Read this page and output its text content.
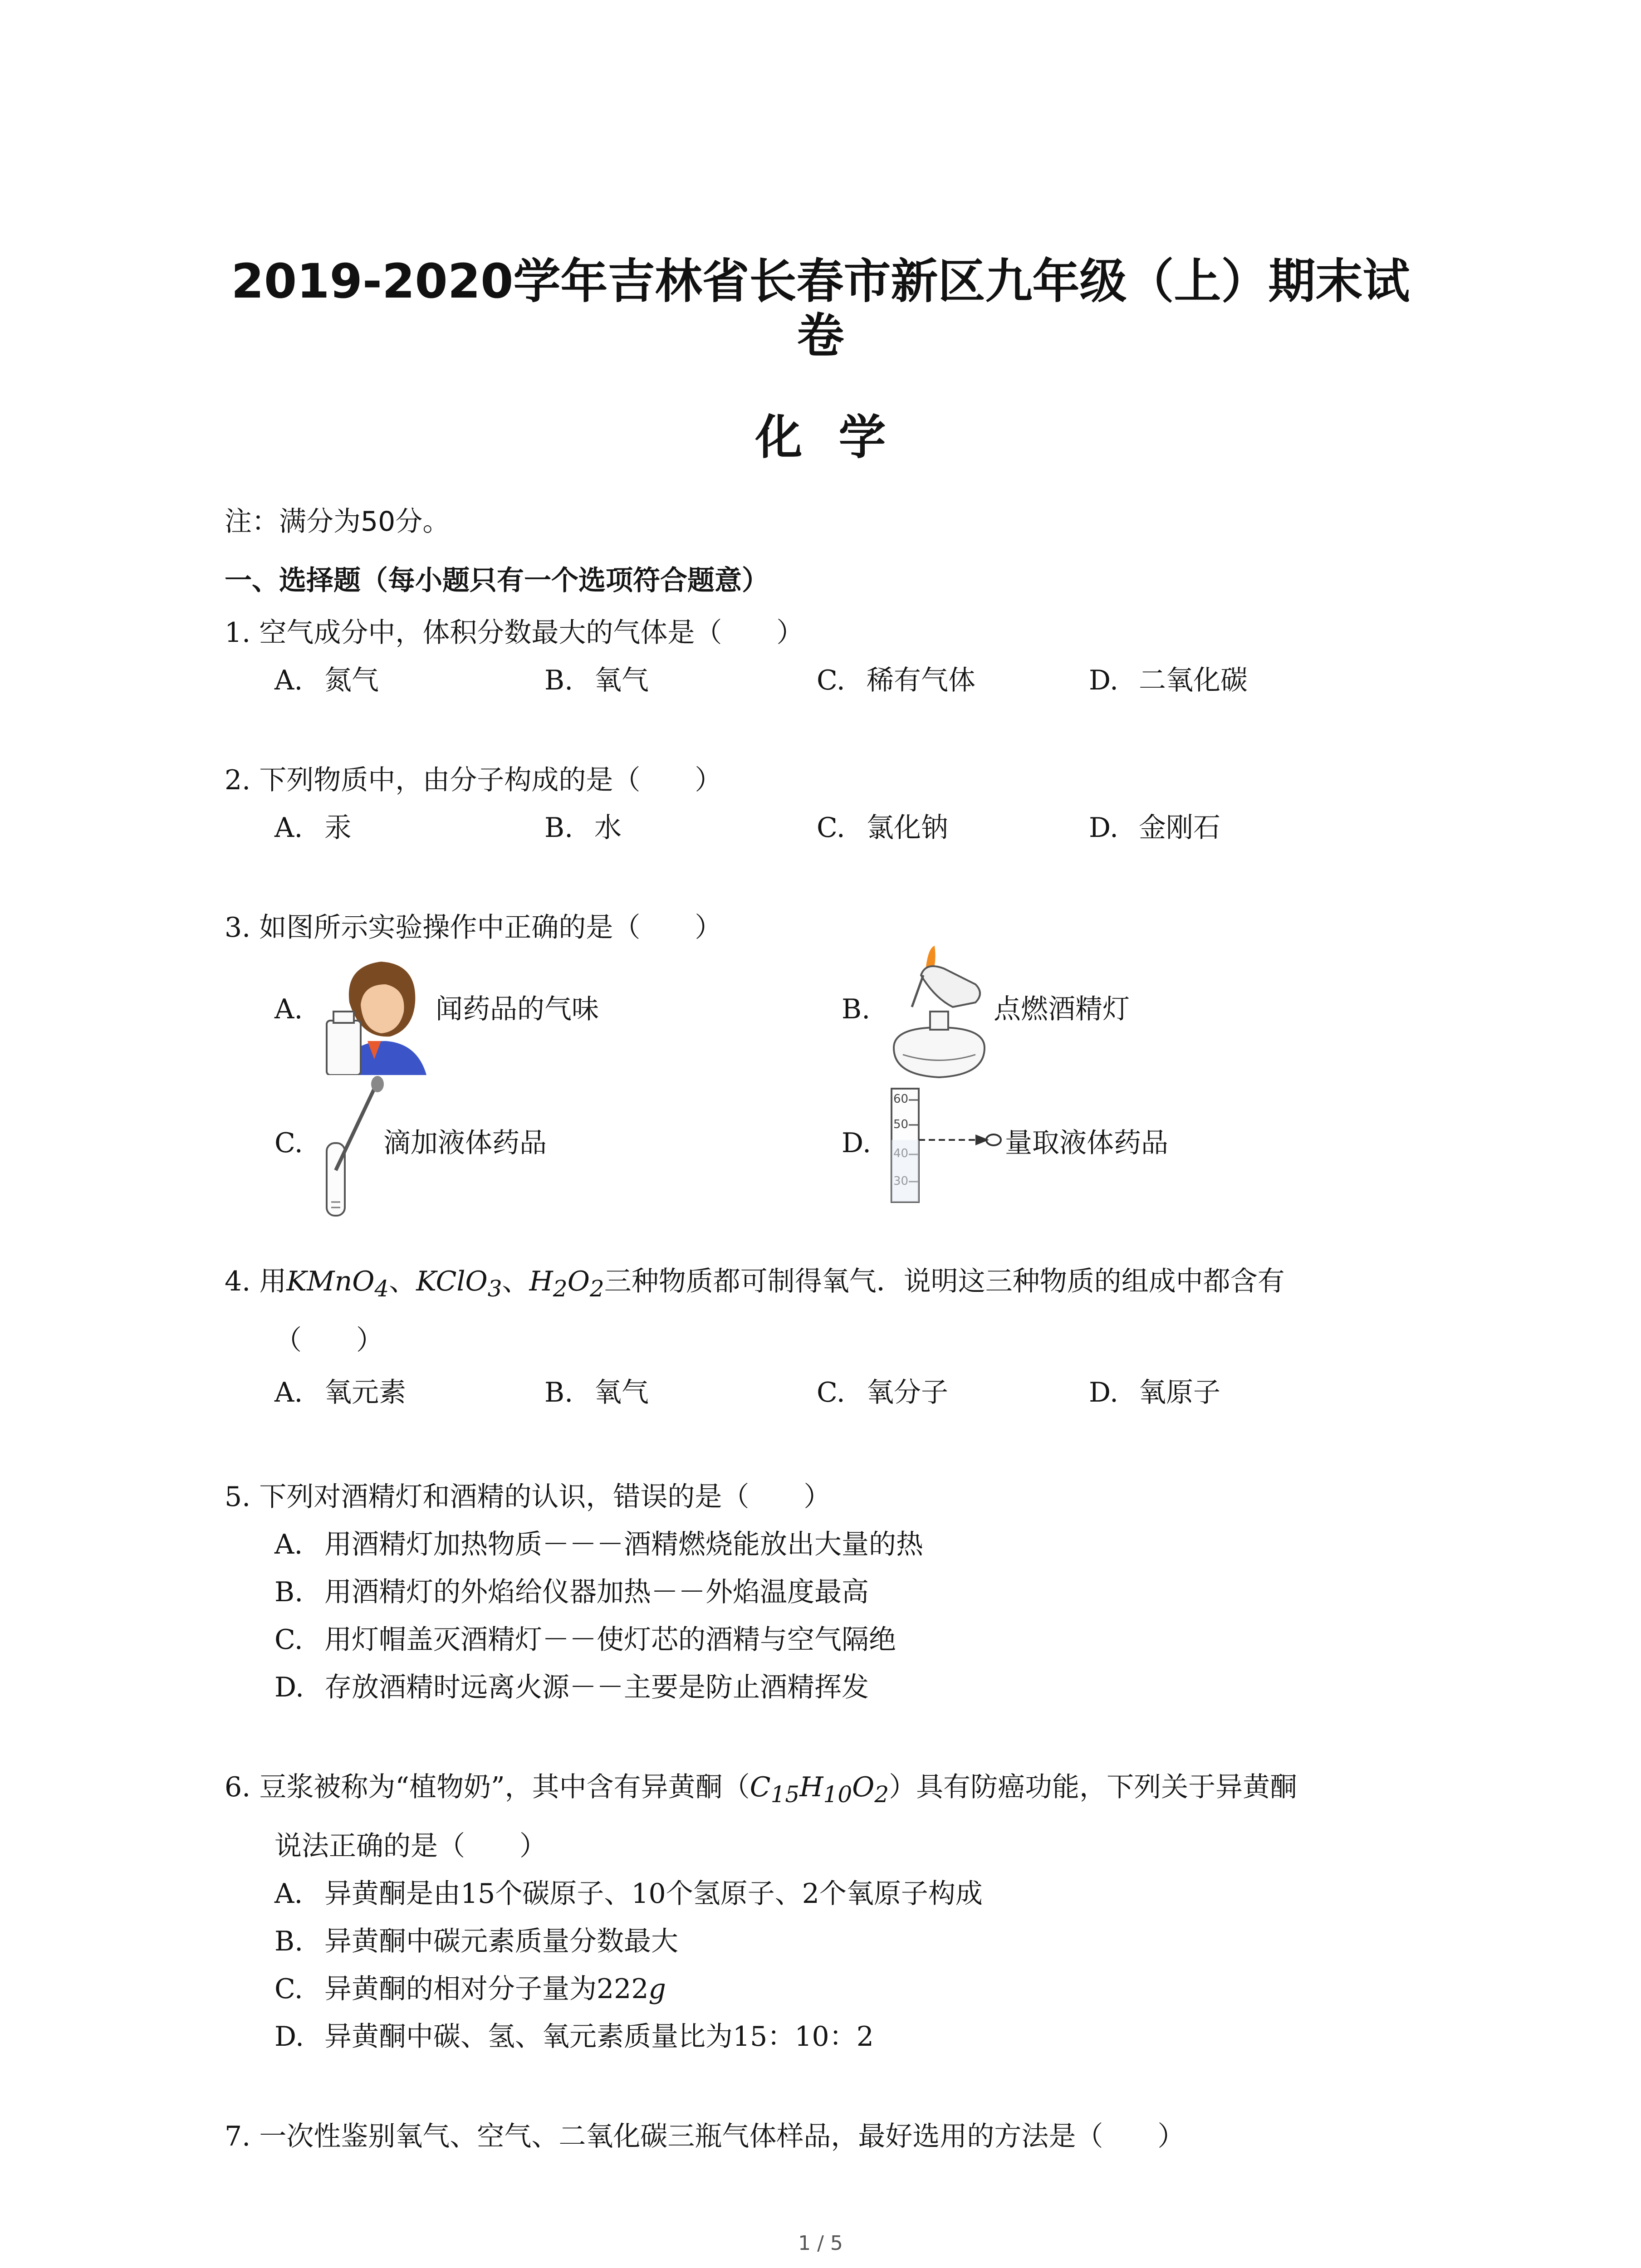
2019-2020学年吉林省长春市新区九年级（上）期末试
卷
化学
注：满分为50分。
一、选择题（每小题只有一个选项符合题意）
1. 空气成分中，体积分数最大的气体是（　　）
A. 氮气	B. 氧气	C. 稀有气体	D. 二氧化碳
2. 下列物质中，由分子构成的是（　　）
A. 汞	B. 水	C. 氯化钠	D. 金刚石
3. 如图所示实验操作中正确的是（　　）
A.	闻药品的气味	B.	点燃酒精灯
C.	滴加液体药品	D.
60
50
量取液体药品
4. 用KMnO$_4$、KClO$_3$、$H_2O_2$三种物质都可制得氧气．说明这三种物质的组成中都含有
（　　）
A. 氧元素	B. 氧气	C. 氧分子	D. 氧原子
5. 下列对酒精灯和酒精的认识，错误的是（　　）
A. 用酒精灯加热物质－－－酒精燃烧能放出大量的热
B. 用酒精灯的外焰给仪器加热－－外焰温度最高
C. 用灯帽盖灭酒精灯－－使灯芯的酒精与空气隔绝
D. 存放酒精时远离火源－－主要是防止酒精挥发
6. 豆浆被称为“植物奶”，其中含有异黄酮$(C_{15}H_{10}O_2)$具有防癌功能，下列关于异黄酮
说法正确的是（　　）
A. 异黄酮是由15个碳原子、10个氢原子、2个氧原子构成
B. 异黄酮中碳元素质量分数最大
C. 异黄酮的相对分子量为222g
D. 异黄酮中碳、氢、氧元素质量比为15：10：2
7. 一次性鉴别氧气、空气、二氧化碳三瓶气体样品，最好选用的方法是（　　）
1 / 5
